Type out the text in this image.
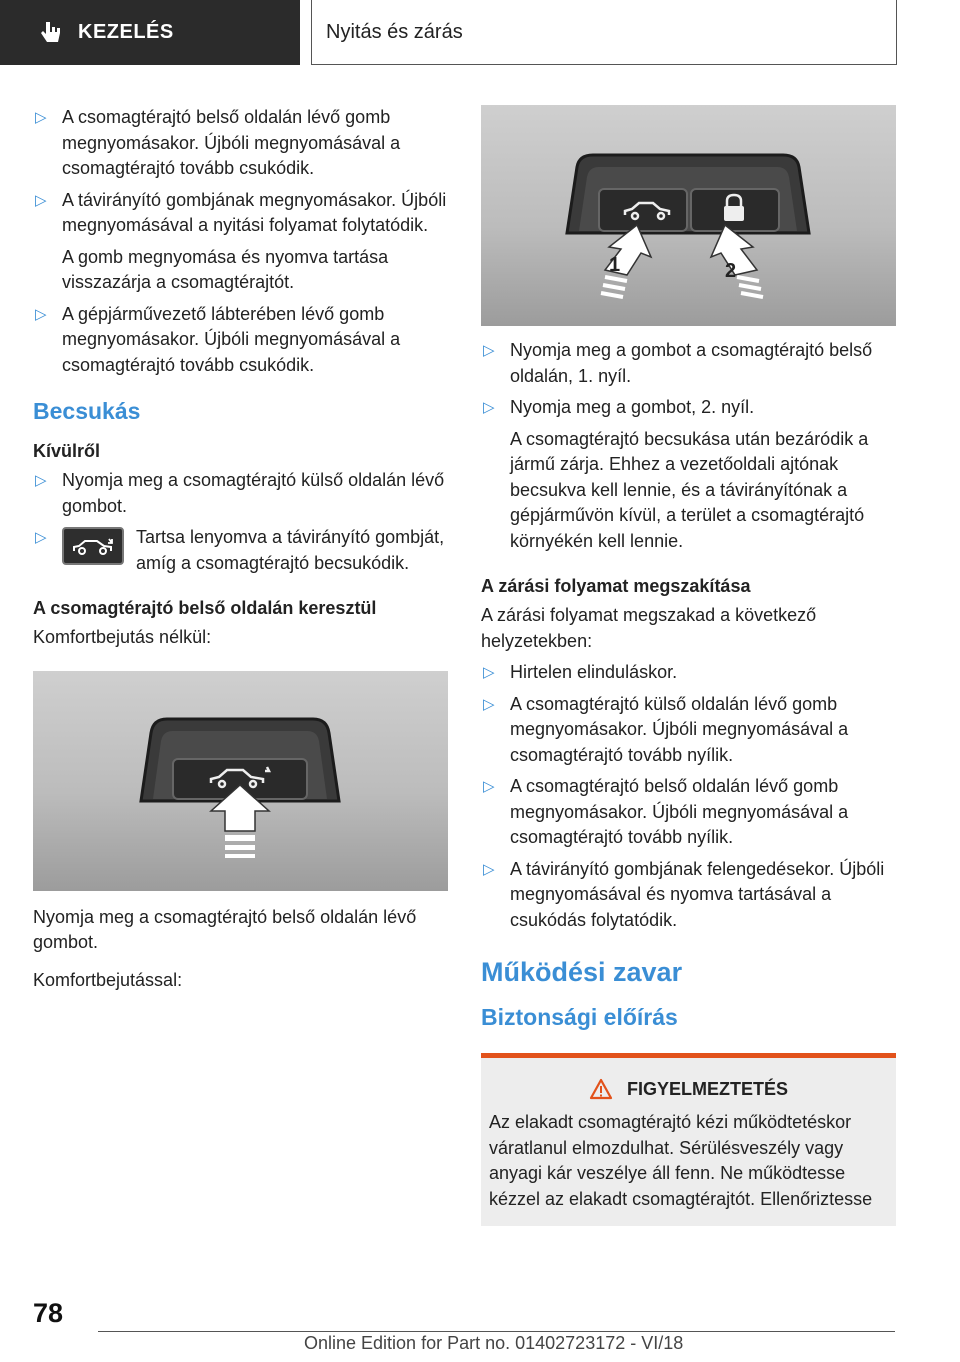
KEZELÉS	Nyitás és zárás
▷ A csomagtérajtó belső oldalán lévő gomb megnyomásakor. Újbóli megnyomásával a csomagtérajtó tovább csukódik.
▷ A távirányító gombjának megnyomásakor. Újbóli megnyomásával a nyitási folyamat folytatódik.

A gomb megnyomása és nyomva tartása visszazárja a csomagtérajtót.

▷ A gépjárművezető lábterében lévő gomb megnyomásakor. Újbóli megnyomásával a csomagtérajtó tovább csukódik.
Becsukás
Kívülről
▷ Nyomja meg a csomagtérajtó külső oldalán lévő gombot.
▷	Tartsa lenyomva a távirányító gombját, amíg a csomagtérajtó becsukódik.
A csomagtérajtó belső oldalán keresztül

Komfortbejutás nélkül:

Nyomja meg a csomagtérajtó belső oldalán lévő gombot.

Komfortbejutással:

1	2
▷ Nyomja meg a gombot a csomagtérajtó belső oldalán, 1. nyíl.
▷ Nyomja meg a gombot, 2. nyíl.

A csomagtérajtó becsukása után bezáródik a jármű zárja. Ehhez a vezetőoldali ajtónak becsukva kell lennie, és a távirányítónak a gépjárművön kívül, a terület a csomagtérajtó környékén kell lennie.

A zárási folyamat megszakítása

A zárási folyamat megszakad a következő helyzetekben:

▷ Hirtelen elinduláskor.
▷ A csomagtérajtó külső oldalán lévő gomb megnyomásakor. Újbóli megnyomásával a csomagtérajtó tovább nyílik.
▷ A csomagtérajtó belső oldalán lévő gomb megnyomásakor. Újbóli megnyomásával a csomagtérajtó tovább nyílik.
▷ A távirányító gombjának felengedésekor. Újbóli megnyomásával és nyomva tartásával a csukódás folytatódik.
Működési zavar
Biztonsági előírás
FIGYELMEZTETÉS

Az elakadt csomagtérajtó kézi működtetéskor váratlanul elmozdulhat. Sérülésveszély vagy anyagi kár veszélye áll fenn. Ne működtesse kézzel az elakadt csomagtérajtót. Ellenőriztesse

78
Online Edition for Part no. 01402723172 - VI/18
